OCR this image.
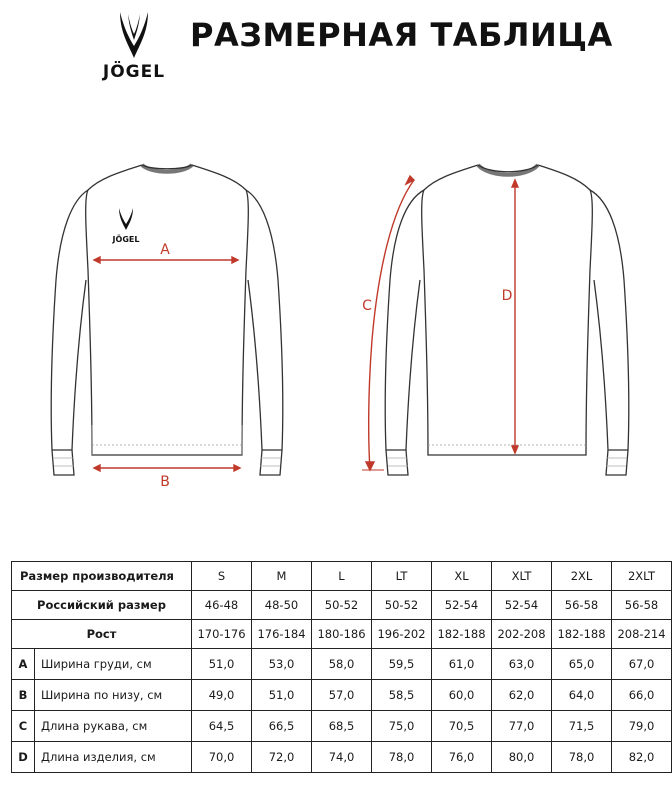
JÖGEL
РАЗМЕРНАЯ ТАБЛИЦА
JÖGEL
A
B
C
D
Размер производителя		S	M	L	LT	XL	XLT	2XL	2XLT
Российский размер		46-48	48-50	50-52	50-52	52-54	52-54	56-58	56-58
Рост		170-176	176-184	180-186	196-202	182-188	202-208	182-188	208-214
A	Ширина груди, см	51,0	53,0	58,0	59,5	61,0	63,0	65,0	67,0
B	Ширина по низу, см	49,0	51,0	57,0	58,5	60,0	62,0	64,0	66,0
C	Длина рукава, см	64,5	66,5	68,5	75,0	70,5	77,0	71,5	79,0
D	Длина изделия, см	70,0	72,0	74,0	78,0	76,0	80,0	78,0	82,0
